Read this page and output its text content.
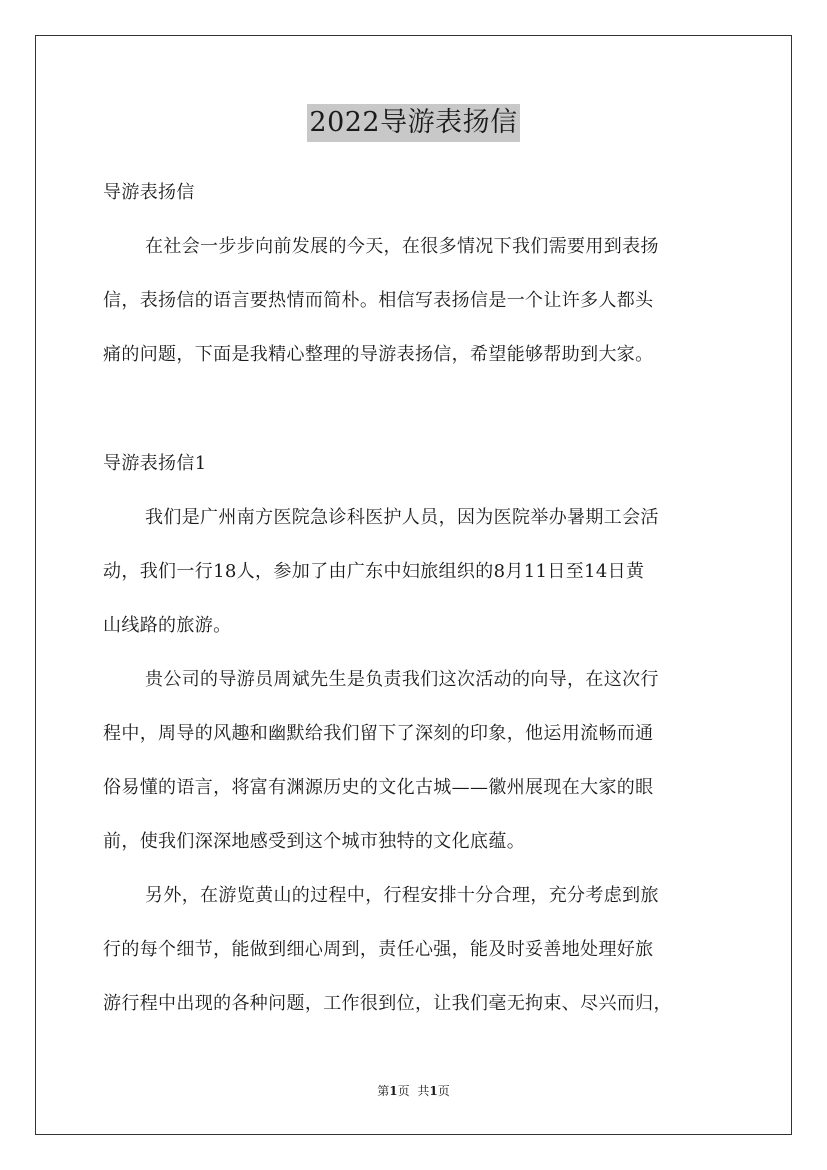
2022导游表扬信
导游表扬信
在社会一步步向前发展的今天，在很多情况下我们需要用到表扬
信，表扬信的语言要热情而简朴。相信写表扬信是一个让许多人都头
痛的问题，下面是我精心整理的导游表扬信，希望能够帮助到大家。
导游表扬信1
我们是广州南方医院急诊科医护人员，因为医院举办暑期工会活
动，我们一行18人，参加了由广东中妇旅组织的8月11日至14日黄
山线路的旅游。
贵公司的导游员周斌先生是负责我们这次活动的向导，在这次行
程中，周导的风趣和幽默给我们留下了深刻的印象，他运用流畅而通
俗易懂的语言，将富有渊源历史的文化古城——徽州展现在大家的眼
前，使我们深深地感受到这个城市独特的文化底蕴。
另外，在游览黄山的过程中，行程安排十分合理，充分考虑到旅
行的每个细节，能做到细心周到，责任心强，能及时妥善地处理好旅
游行程中出现的各种问题，工作很到位，让我们毫无拘束、尽兴而归，
第1页 共1页
